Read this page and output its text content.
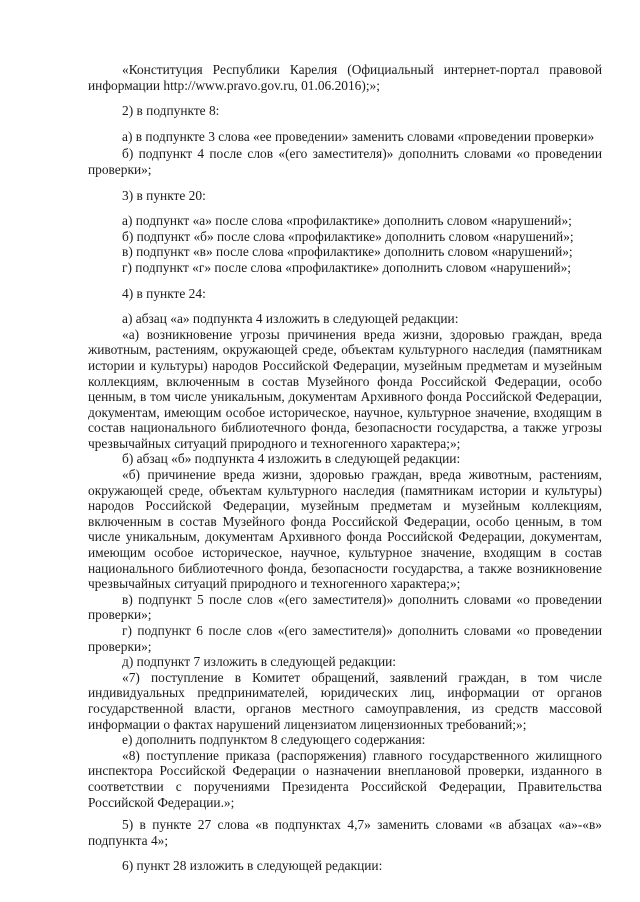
«Конституция Республики Карелия (Официальный интернет-портал правовой информации http://www.pravo.gov.ru, 01.06.2016);»;

2) в подпункте 8:

а) в подпункте 3 слова «ее проведении» заменить словами «проведении проверки»

б) подпункт 4 после слов «(его заместителя)» дополнить словами «о проведении проверки»;

3) в пункте 20:

а) подпункт «а» после слова «профилактике» дополнить словом «нарушений»;

б) подпункт «б» после слова «профилактике» дополнить словом «нарушений»;

в) подпункт «в» после слова «профилактике» дополнить словом «нарушений»;

г) подпункт «г» после слова «профилактике» дополнить словом «нарушений»;

4) в пункте 24:

а) абзац «а» подпункта 4 изложить в следующей редакции:

«а) возникновение угрозы причинения вреда жизни, здоровью граждан, вреда животным, растениям, окружающей среде, объектам культурного наследия (памятникам истории и культуры) народов Российской Федерации, музейным предметам и музейным коллекциям, включенным в состав Музейного фонда Российской Федерации, особо ценным, в том числе уникальным, документам Архивного фонда Российской Федерации, документам, имеющим особое историческое, научное, культурное значение, входящим в состав национального библиотечного фонда, безопасности государства, а также угрозы чрезвычайных ситуаций природного и техногенного характера;»;

б) абзац «б» подпункта 4 изложить в следующей редакции:

«б) причинение вреда жизни, здоровью граждан, вреда животным, растениям, окружающей среде, объектам культурного наследия (памятникам истории и культуры) народов Российской Федерации, музейным предметам и музейным коллекциям, включенным в состав Музейного фонда Российской Федерации, особо ценным, в том числе уникальным, документам Архивного фонда Российской Федерации, документам, имеющим особое историческое, научное, культурное значение, входящим в состав национального библиотечного фонда, безопасности государства, а также возникновение чрезвычайных ситуаций природного и техногенного характера;»;

в) подпункт 5 после слов «(его заместителя)» дополнить словами «о проведении проверки»;

г) подпункт 6 после слов «(его заместителя)» дополнить словами «о проведении проверки»;

д) подпункт 7 изложить в следующей редакции:

«7) поступление в Комитет обращений, заявлений граждан, в том числе индивидуальных предпринимателей, юридических лиц, информации от органов государственной власти, органов местного самоуправления, из средств массовой информации о фактах нарушений лицензиатом лицензионных требований;»;

е) дополнить подпунктом 8 следующего содержания:

«8) поступление приказа (распоряжения) главного государственного жилищного инспектора Российской Федерации о назначении внеплановой проверки, изданного в соответствии с поручениями Президента Российской Федерации, Правительства Российской Федерации.»;

5) в пункте 27 слова «в подпунктах 4,7» заменить словами «в абзацах «а»-«в» подпункта 4»;

6) пункт 28 изложить в следующей редакции:
